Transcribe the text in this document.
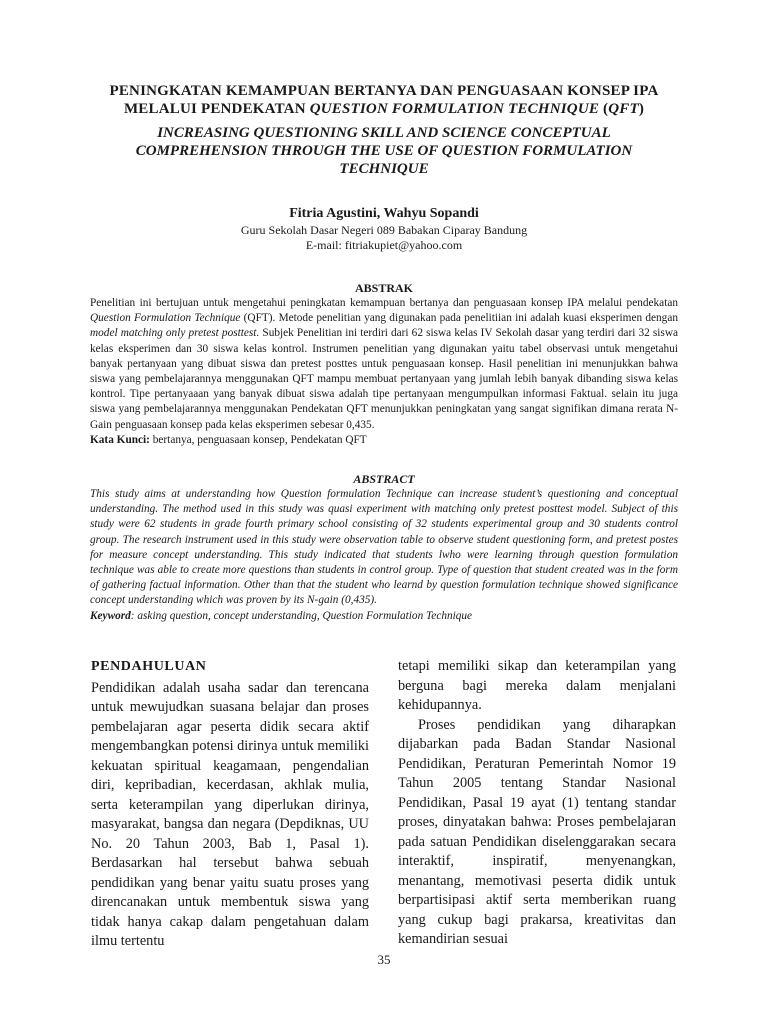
PENINGKATAN KEMAMPUAN BERTANYA DAN PENGUASAAN KONSEP IPA
MELALUI PENDEKATAN QUESTION FORMULATION TECHNIQUE (QFT)
INCREASING QUESTIONING SKILL AND SCIENCE CONCEPTUAL COMPREHENSION THROUGH THE USE OF QUESTION FORMULATION TECHNIQUE
Fitria Agustini, Wahyu Sopandi
Guru Sekolah Dasar Negeri 089 Babakan Ciparay Bandung
E-mail: fitriakupiet@yahoo.com
ABSTRAK
Penelitian ini bertujuan untuk mengetahui peningkatan kemampuan bertanya dan penguasaan konsep IPA melalui pendekatan Question Formulation Technique (QFT). Metode penelitian yang digunakan pada penelitiian ini adalah kuasi eksperimen dengan model matching only pretest posttest. Subjek Penelitian ini terdiri dari 62 siswa kelas IV Sekolah dasar yang terdiri dari 32 siswa kelas eksperimen dan 30 siswa kelas kontrol. Instrumen penelitian yang digunakan yaitu tabel observasi untuk mengetahui banyak pertanyaan yang dibuat siswa dan pretest posttes untuk penguasaan konsep. Hasil penelitian ini menunjukkan bahwa siswa yang pembelajarannya menggunakan QFT mampu membuat pertanyaan yang jumlah lebih banyak dibanding siswa kelas kontrol. Tipe pertanyaaan yang banyak dibuat siswa adalah tipe pertanyaan mengumpulkan informasi Faktual. selain itu juga siswa yang pembelajarannya menggunakan Pendekatan QFT menunjukkan peningkatan yang sangat signifikan dimana rerata N-Gain penguasaan konsep pada kelas eksperimen sebesar 0,435.
Kata Kunci: bertanya, penguasaan konsep, Pendekatan QFT
ABSTRACT
This study aims at understanding how Question formulation Technique can increase student’s questioning and conceptual understanding. The method used in this study was quasi experiment with matching only pretest posttest model. Subject of this study were 62 students in grade fourth primary school consisting of 32 students experimental group and 30 students control group. The research instrument used in this study were observation table to observe student questioning form, and pretest postes for measure concept understanding. This study indicated that students lwho were learning through question formulation technique was able to create more questions than students in control group. Type of question that student created was in the form of gathering factual information. Other than that the student who learnd by question formulation technique showed significance concept understanding which was proven by its N-gain (0,435).
Keyword: asking question, concept understanding, Question Formulation Technique
PENDAHULUAN

Pendidikan adalah usaha sadar dan terencana untuk mewujudkan suasana belajar dan proses pembelajaran agar peserta didik secara aktif mengembangkan potensi dirinya untuk memiliki kekuatan spiritual keagamaan, pengendalian diri, kepribadian, kecerdasan, akhlak mulia, serta keterampilan yang diperlukan dirinya, masyarakat, bangsa dan negara (Depdiknas, UU No. 20 Tahun 2003, Bab 1, Pasal 1). Berdasarkan hal tersebut bahwa sebuah pendidikan yang benar yaitu suatu proses yang direncanakan untuk membentuk siswa yang tidak hanya cakap dalam pengetahuan dalam ilmu tertentu

tetapi memiliki sikap dan keterampilan yang berguna bagi mereka dalam menjalani kehidupannya.

Proses pendidikan yang diharapkan dijabarkan pada Badan Standar Nasional Pendidikan, Peraturan Pemerintah Nomor 19 Tahun 2005 tentang Standar Nasional Pendidikan, Pasal 19 ayat (1) tentang standar proses, dinyatakan bahwa: Proses pembelajaran pada satuan Pendidikan diselenggarakan secara interaktif, inspiratif, menyenangkan, menantang, memotivasi peserta didik untuk berpartisipasi aktif serta memberikan ruang yang cukup bagi prakarsa, kreativitas dan kemandirian sesuai

35
